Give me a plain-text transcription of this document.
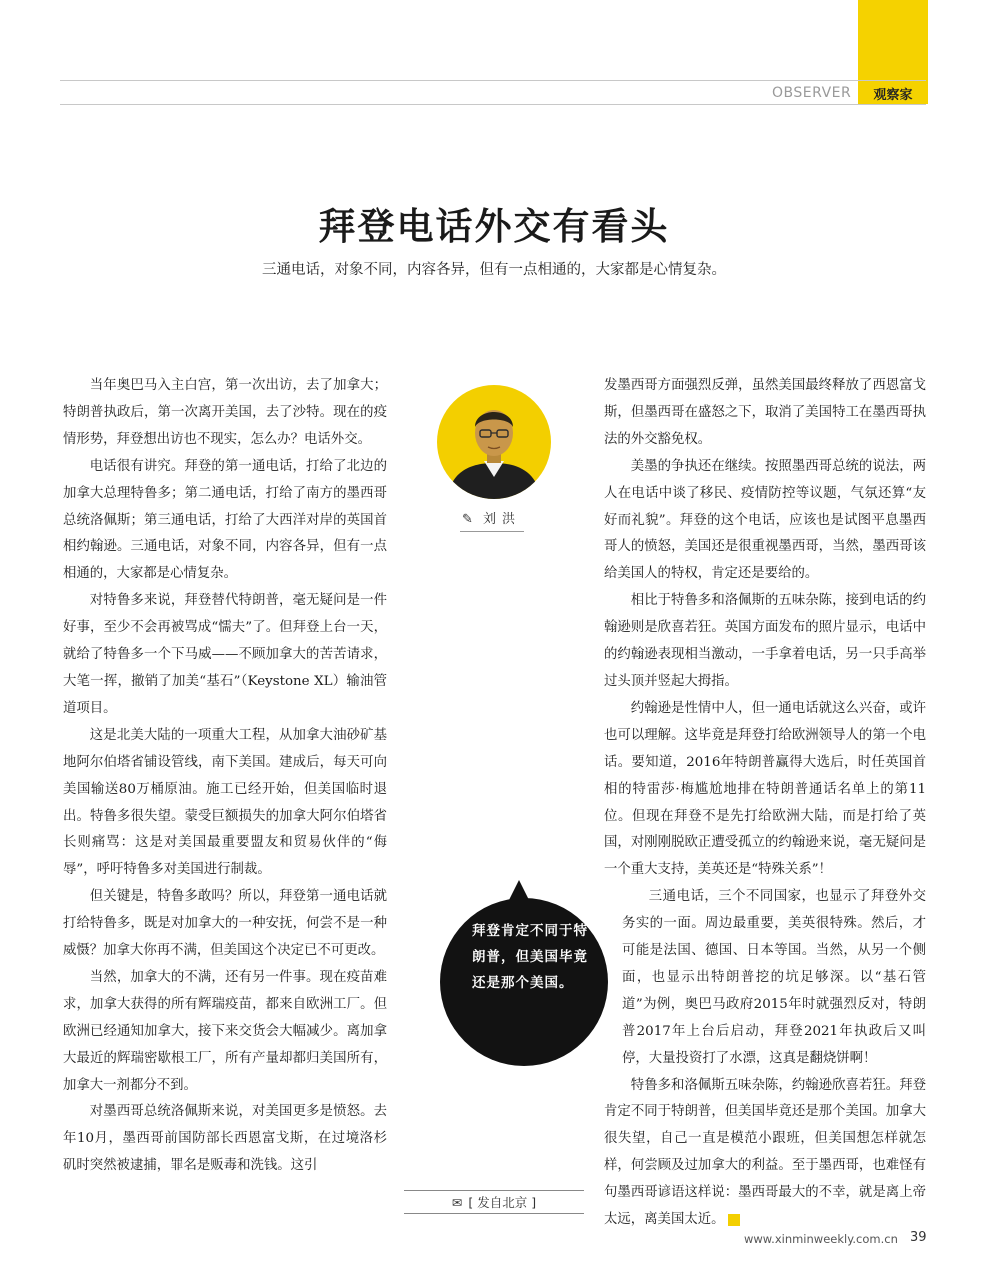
OBSERVER	观察家
拜登电话外交有看头
三通电话，对象不同，内容各异，但有一点相通的，大家都是心情复杂。

当年奥巴马入主白宫，第一次出访，去了加拿大；特朗普执政后，第一次离开美国，去了沙特。现在的疫情形势，拜登想出访也不现实，怎么办？电话外交。

电话很有讲究。拜登的第一通电话，打给了北边的加拿大总理特鲁多；第二通电话，打给了南方的墨西哥总统洛佩斯；第三通电话，打给了大西洋对岸的英国首相约翰逊。三通电话，对象不同，内容各异，但有一点相通的，大家都是心情复杂。

对特鲁多来说，拜登替代特朗普，毫无疑问是一件好事，至少不会再被骂成“懦夫”了。但拜登上台一天，就给了特鲁多一个下马威——不顾加拿大的苦苦请求，大笔一挥，撤销了加美“基石”（Keystone XL）输油管道项目。

这是北美大陆的一项重大工程，从加拿大油砂矿基地阿尔伯塔省铺设管线，南下美国。建成后，每天可向美国输送80万桶原油。施工已经开始，但美国临时退出。特鲁多很失望。蒙受巨额损失的加拿大阿尔伯塔省长则痛骂：这是对美国最重要盟友和贸易伙伴的“侮辱”，呼吁特鲁多对美国进行制裁。

但关键是，特鲁多敢吗？所以，拜登第一通电话就打给特鲁多，既是对加拿大的一种安抚，何尝不是一种威慑？加拿大你再不满，但美国这个决定已不可更改。

当然，加拿大的不满，还有另一件事。现在疫苗难求，加拿大获得的所有辉瑞疫苗，都来自欧洲工厂。但欧洲已经通知加拿大，接下来交货会大幅减少。离加拿大最近的辉瑞密歇根工厂，所有产量却都归美国所有，加拿大一剂都分不到。

对墨西哥总统洛佩斯来说，对美国更多是愤怒。去年10月，墨西哥前国防部长西恩富戈斯，在过境洛杉矶时突然被逮捕，罪名是贩毒和洗钱。这引

✎ 刘洪
拜登肯定不同于特朗普，但美国毕竟还是那个美国。
✉ [ 发自北京 ]

发墨西哥方面强烈反弹，虽然美国最终释放了西恩富戈斯，但墨西哥在盛怒之下，取消了美国特工在墨西哥执法的外交豁免权。

美墨的争执还在继续。按照墨西哥总统的说法，两人在电话中谈了移民、疫情防控等议题，气氛还算“友好而礼貌”。拜登的这个电话，应该也是试图平息墨西哥人的愤怒，美国还是很重视墨西哥，当然，墨西哥该给美国人的特权，肯定还是要给的。

相比于特鲁多和洛佩斯的五味杂陈，接到电话的约翰逊则是欣喜若狂。英国方面发布的照片显示，电话中的约翰逊表现相当激动，一手拿着电话，另一只手高举过头顶并竖起大拇指。

约翰逊是性情中人，但一通电话就这么兴奋，或许也可以理解。这毕竟是拜登打给欧洲领导人的第一个电话。要知道，2016年特朗普赢得大选后，时任英国首相的特雷莎·梅尴尬地排在特朗普通话名单上的第11位。但现在拜登不是先打给欧洲大陆，而是打给了英国，对刚刚脱欧正遭受孤立的约翰逊来说，毫无疑问是一个重大支持，美英还是“特殊关系”！

三通电话，三个不同国家，也显示了拜登外交务实的一面。周边最重要，美英很特殊。然后，才可能是法国、德国、日本等国。当然，从另一个侧面，也显示出特朗普挖的坑足够深。以“基石管道”为例，奥巴马政府2015年时就强烈反对，特朗普2017年上台后启动，拜登2021年执政后又叫停，大量投资打了水漂，这真是翻烧饼啊！

特鲁多和洛佩斯五味杂陈，约翰逊欣喜若狂。拜登肯定不同于特朗普，但美国毕竟还是那个美国。加拿大很失望，自己一直是模范小跟班，但美国想怎样就怎样，何尝顾及过加拿大的利益。至于墨西哥，也难怪有句墨西哥谚语这样说：墨西哥最大的不幸，就是离上帝太远，离美国太近。

www.xinminweekly.com.cn 39
